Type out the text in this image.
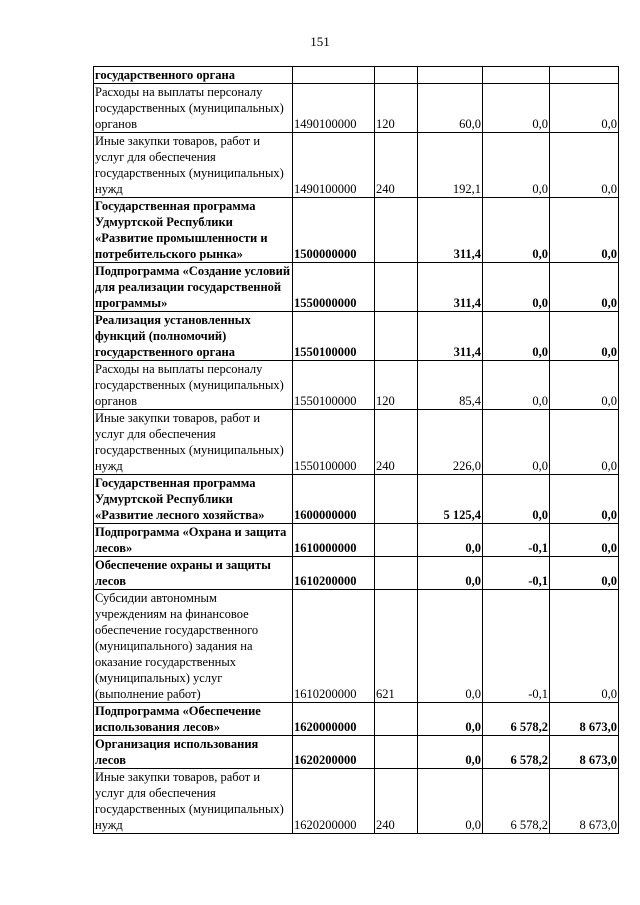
151
государственного органа					
Расходы на выплаты персоналу государственных (муниципальных) органов	1490100000	120	60,0	0,0	0,0
Иные закупки товаров, работ и услуг для обеспечения государственных (муниципальных) нужд	1490100000	240	192,1	0,0	0,0
Государственная программа Удмуртской Республики «Развитие промышленности и потребительского рынка»	1500000000		311,4	0,0	0,0
Подпрограмма «Создание условий для реализации государственной программы»	1550000000		311,4	0,0	0,0
Реализация установленных функций (полномочий) государственного органа	1550100000		311,4	0,0	0,0
Расходы на выплаты персоналу государственных (муниципальных) органов	1550100000	120	85,4	0,0	0,0
Иные закупки товаров, работ и услуг для обеспечения государственных (муниципальных) нужд	1550100000	240	226,0	0,0	0,0
Государственная программа Удмуртской Республики «Развитие лесного хозяйства»	1600000000		5 125,4	0,0	0,0
Подпрограмма «Охрана и защита лесов»	1610000000		0,0	-0,1	0,0
Обеспечение охраны и защиты лесов	1610200000		0,0	-0,1	0,0
Субсидии автономным учреждениям на финансовое обеспечение государственного (муниципального) задания на оказание государственных (муниципальных) услуг (выполнение работ)	1610200000	621	0,0	-0,1	0,0
Подпрограмма «Обеспечение использования лесов»	1620000000		0,0	6 578,2	8 673,0
Организация использования лесов	1620200000		0,0	6 578,2	8 673,0
Иные закупки товаров, работ и услуг для обеспечения государственных (муниципальных) нужд	1620200000	240	0,0	6 578,2	8 673,0
